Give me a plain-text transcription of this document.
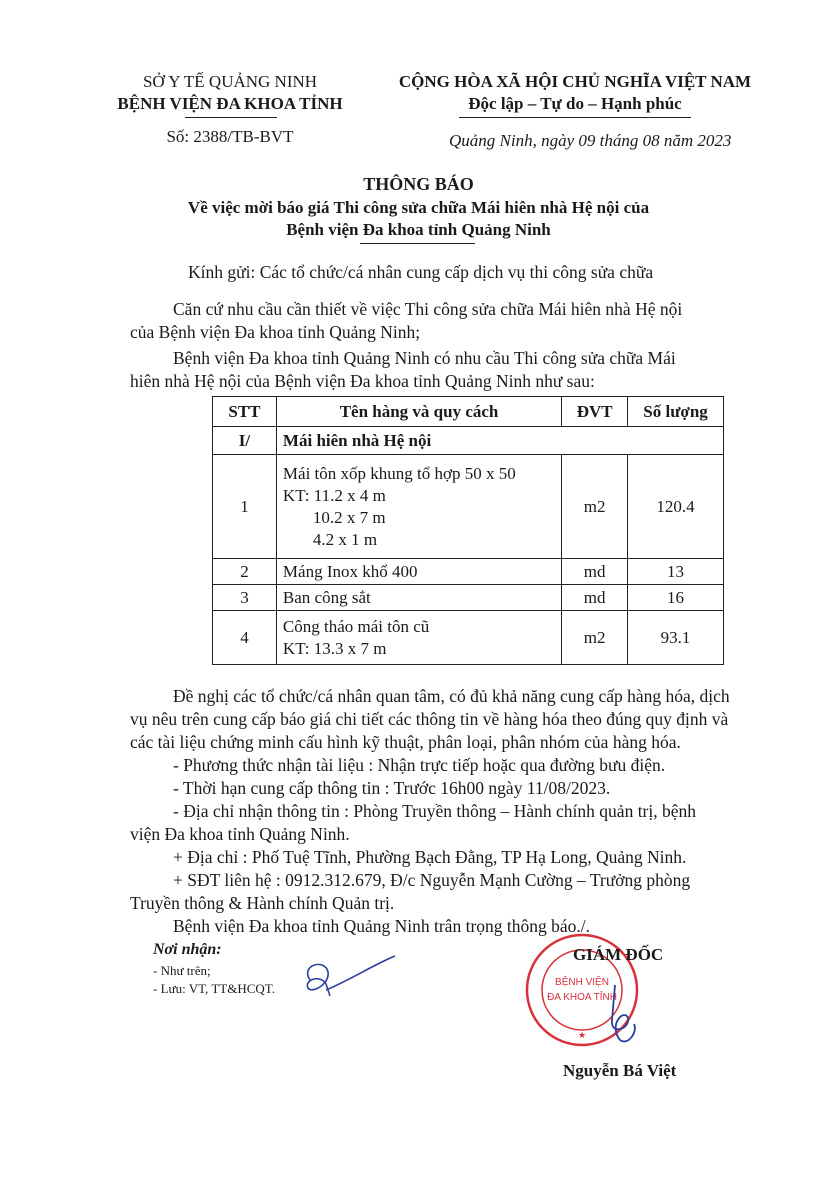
SỞ Y TẾ QUẢNG NINH
BỆNH VIỆN ĐA KHOA TỈNH
Số: 2388/TB-BVT
CỘNG HÒA XÃ HỘI CHỦ NGHĨA VIỆT NAM
Độc lập – Tự do – Hạnh phúc
Quảng Ninh, ngày 09 tháng 08 năm 2023
THÔNG BÁO
Về việc mời báo giá Thi công sửa chữa Mái hiên nhà Hệ nội của
Bệnh viện Đa khoa tỉnh Quảng Ninh
Kính gửi: Các tổ chức/cá nhân cung cấp dịch vụ thi công sửa chữa
Căn cứ nhu cầu cần thiết về việc Thi công sửa chữa Mái hiên nhà Hệ nội
của Bệnh viện Đa khoa tỉnh Quảng Ninh;
Bệnh viện Đa khoa tỉnh Quảng Ninh có nhu cầu Thi công sửa chữa Mái
hiên nhà Hệ nội của Bệnh viện Đa khoa tỉnh Quảng Ninh như sau:
STT	Tên hàng và quy cách	ĐVT	Số lượng
I/	Mái hiên nhà Hệ nội		
1	Mái tôn xốp khung tổ hợp 50 x 50
KT: 11.2 x 4 m
10.2 x 7 m
4.2 x 1 m	m2	120.4
2	Máng Inox khổ 400	md	13
3	Ban công sắt	md	16
4	Công tháo mái tôn cũ
KT: 13.3 x 7 m	m2	93.1
Đề nghị các tổ chức/cá nhân quan tâm, có đủ khả năng cung cấp hàng hóa, dịch
vụ nêu trên cung cấp báo giá chi tiết các thông tin về hàng hóa theo đúng quy định và
các tài liệu chứng minh cấu hình kỹ thuật, phân loại, phân nhóm của hàng hóa.
- Phương thức nhận tài liệu : Nhận trực tiếp hoặc qua đường bưu điện.
- Thời hạn cung cấp thông tin : Trước 16h00 ngày 11/08/2023.
- Địa chỉ nhận thông tin : Phòng Truyền thông – Hành chính quản trị, bệnh
viện Đa khoa tỉnh Quảng Ninh.
+ Địa chỉ : Phố Tuệ Tĩnh, Phường Bạch Đằng, TP Hạ Long, Quảng Ninh.
+ SĐT liên hệ : 0912.312.679, Đ/c Nguyễn Mạnh Cường – Trưởng phòng
Truyền thông & Hành chính Quản trị.
Bệnh viện Đa khoa tỉnh Quảng Ninh trân trọng thông báo./.
Nơi nhận:
- Như trên;
- Lưu: VT, TT&HCQT.	BỆNH VIỆN
ĐA KHOA TỈNH
★
GIÁM ĐỐC
Nguyễn Bá Việt
